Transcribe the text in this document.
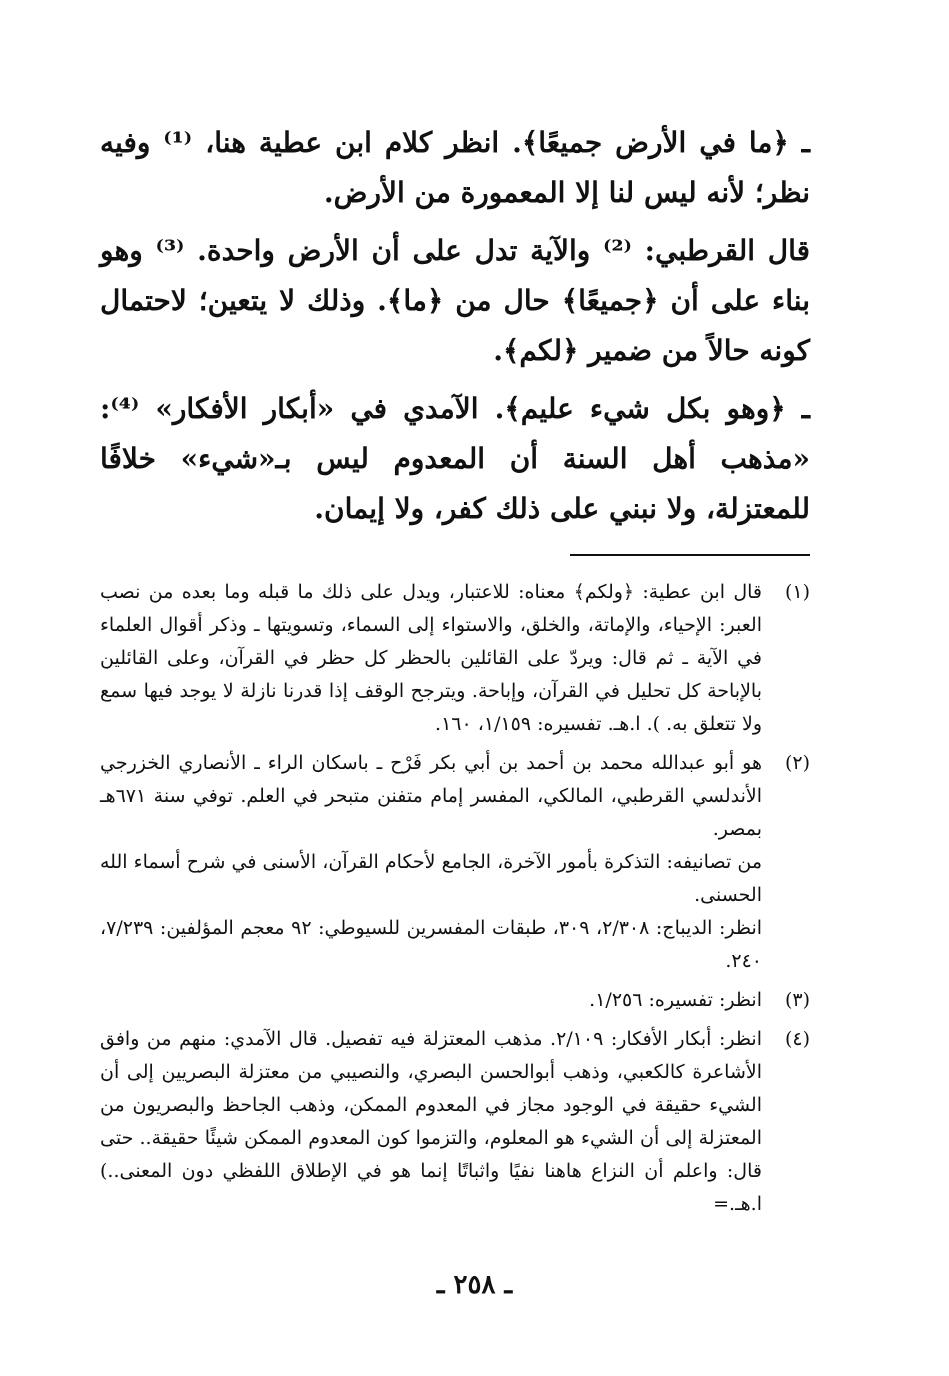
ـ ﴿ما في الأرض جميعًا﴾. انظر كلام ابن عطية هنا، ⁽¹⁾ وفيه نظر؛ لأنه ليس لنا إلا المعمورة من الأرض.

قال القرطبي: ⁽²⁾ والآية تدل على أن الأرض واحدة. ⁽³⁾ وهو بناء على أن ﴿جميعًا﴾ حال من ﴿ما﴾. وذلك لا يتعين؛ لاحتمال كونه حالاً من ضمير ﴿لكم﴾.

ـ ﴿وهو بكل شيء عليم﴾. الآمدي في «أبكار الأفكار» ⁽⁴⁾: «مذهب أهل السنة أن المعدوم ليس بـ«شيء» خلافًا للمعتزلة، ولا نبني على ذلك كفر، ولا إيمان.

(١)

قال ابن عطية: ﴿ولكم﴾ معناه: للاعتبار، ويدل على ذلك ما قبله وما بعده من نصب العبر: الإحياء، والإماتة، والخلق، والاستواء إلى السماء، وتسويتها ـ وذكر أقوال العلماء في الآية ـ ثم قال: ويردّ على القائلين بالحظر كل حظر في القرآن، وعلى القائلين بالإباحة كل تحليل في القرآن، وإباحة. ويترجح الوقف إذا قدرنا نازلة لا يوجد فيها سمع ولا تتعلق به. ). ا.هـ. تفسيره: ١/١٥٩، ١٦٠.

(٢)

هو أبو عبدالله محمد بن أحمد بن أبي بكر فَرْح ـ باسكان الراء ـ الأنصاري الخزرجي الأندلسي القرطبي، المالكي، المفسر إمام متفنن متبحر في العلم. توفي سنة ٦٧١هـ بمصر.

من تصانيفه: التذكرة بأمور الآخرة، الجامع لأحكام القرآن، الأسنى في شرح أسماء الله الحسنى.

انظر: الديباج: ٢/٣٠٨، ٣٠٩، طبقات المفسرين للسيوطي: ٩٢ معجم المؤلفين: ٧/٢٣٩، ٢٤٠.

(٣)

انظر: تفسيره: ١/٢٥٦.

(٤)

انظر: أبكار الأفكار: ٢/١٠٩. مذهب المعتزلة فيه تفصيل. قال الآمدي: منهم من وافق الأشاعرة كالكعبي، وذهب أبوالحسن البصري، والنصيبي من معتزلة البصريين إلى أن الشيء حقيقة في الوجود مجاز في المعدوم الممكن، وذهب الجاحظ والبصريون من المعتزلة إلى أن الشيء هو المعلوم، والتزموا كون المعدوم الممكن شيئًا حقيقة.. حتى قال: واعلم أن النزاع هاهنا نفيًا واثباتًا إنما هو في الإطلاق اللفظي دون المعنى..) ا.هـ.=

ـ ٢٥٨ ـ
